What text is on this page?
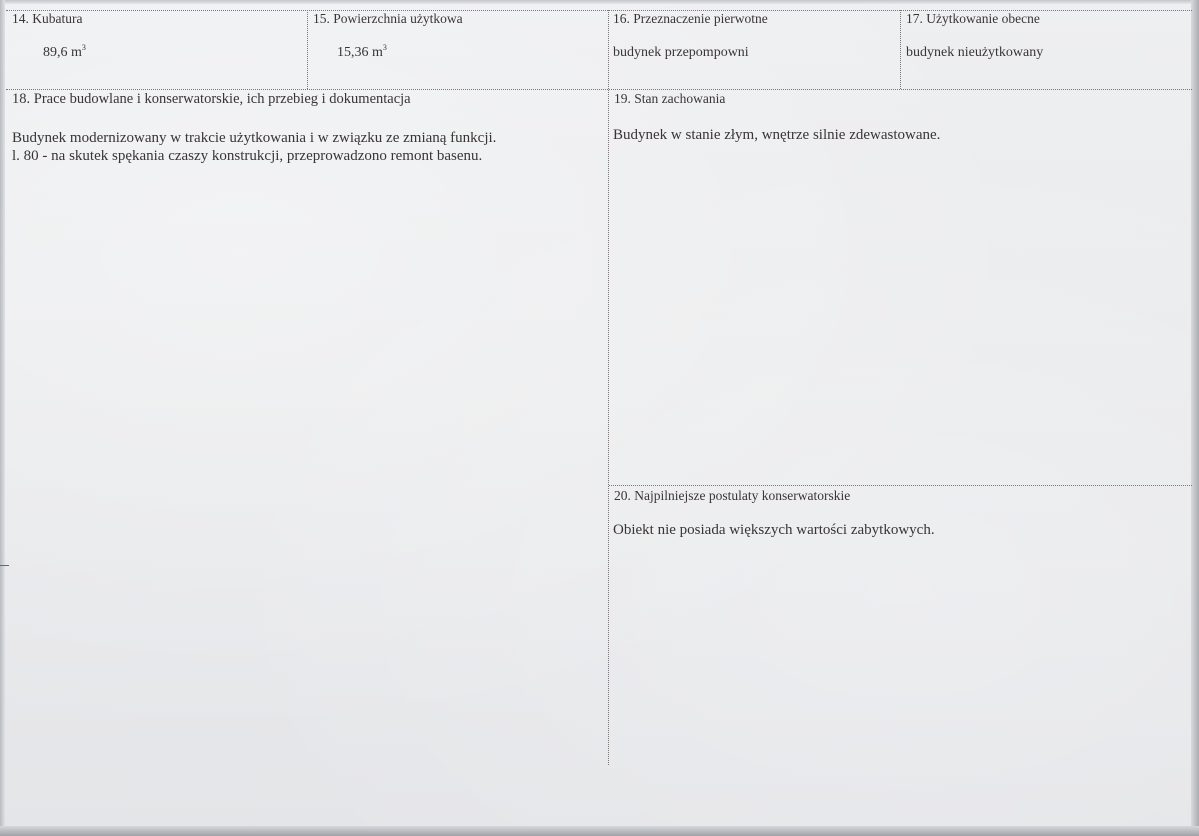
14. Kubatura
89,6 $m^3$
15. Powierzchnia użytkowa
15,36 $m^3$
16. Przeznaczenie pierwotne
budynek przepompowni
17. Użytkowanie obecne
budynek nieużytkowany
18. Prace budowlane i konserwatorskie, ich przebieg i dokumentacja
Budynek modernizowany w trakcie użytkowania i w związku ze zmianą funkcji.
l. 80 - na skutek spękania czaszy konstrukcji, przeprowadzono remont basenu.
19. Stan zachowania
Budynek w stanie złym, wnętrze silnie zdewastowane.
20. Najpilniejsze postulaty konserwatorskie
Obiekt nie posiada większych wartości zabytkowych.
